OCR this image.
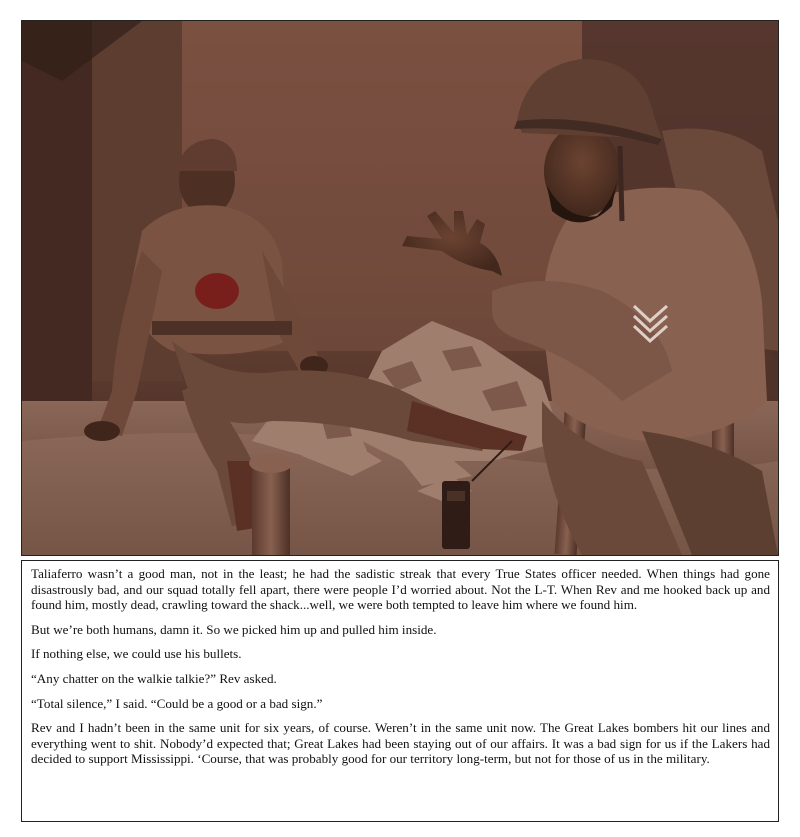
Taliaferro wasn’t a good man, not in the least; he had the sadistic streak that every True States officer needed. When things had gone disastrously bad, and our squad totally fell apart, there were people I’d worried about. Not the L-T. When Rev and me hooked back up and found him, mostly dead, crawling toward the shack...well, we were both tempted to leave him where we found him.

But we’re both humans, damn it. So we picked him up and pulled him inside.

If nothing else, we could use his bullets.

“Any chatter on the walkie talkie?” Rev asked.

“Total silence,” I said. “Could be a good or a bad sign.”

Rev and I hadn’t been in the same unit for six years, of course. Weren’t in the same unit now. The Great Lakes bombers hit our lines and everything went to shit. Nobody’d expected that; Great Lakes had been staying out of our affairs. It was a bad sign for us if the Lakers had decided to support Mississippi. ‘Course, that was probably good for our territory long-term, but not for those of us in the military.
